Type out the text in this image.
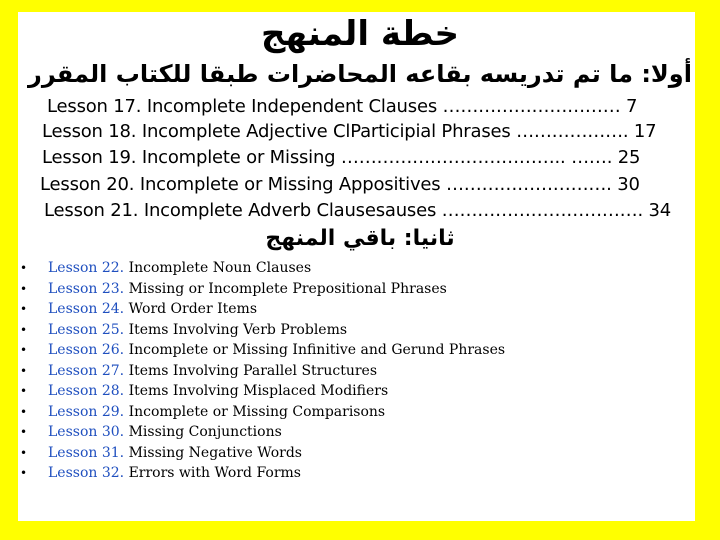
خطة المنهج
أولا: ما تم تدريسه بقاعه المحاضرات طبقا للكتاب المقرر
Lesson 17. Incomplete Independent Clauses ………………………… 7
Lesson 18. Incomplete Adjective ClParticipial Phrases ………………. 17
Lesson 19. Incomplete or Missing ……………………………….. ……. 25
Lesson 20. Incomplete or Missing Appositives ………………………. 30
Lesson 21. Incomplete Adverb Clausesauses ……………………………. 34
ثانيا: باقي المنهج
• Lesson 22. Incomplete Noun Clauses
• Lesson 23. Missing or Incomplete Prepositional Phrases
• Lesson 24. Word Order Items
• Lesson 25. Items Involving Verb Problems
• Lesson 26. Incomplete or Missing Infinitive and Gerund Phrases
• Lesson 27. Items Involving Parallel Structures
• Lesson 28. Items Involving Misplaced Modifiers
• Lesson 29. Incomplete or Missing Comparisons
• Lesson 30. Missing Conjunctions
• Lesson 31. Missing Negative Words
• Lesson 32. Errors with Word Forms
